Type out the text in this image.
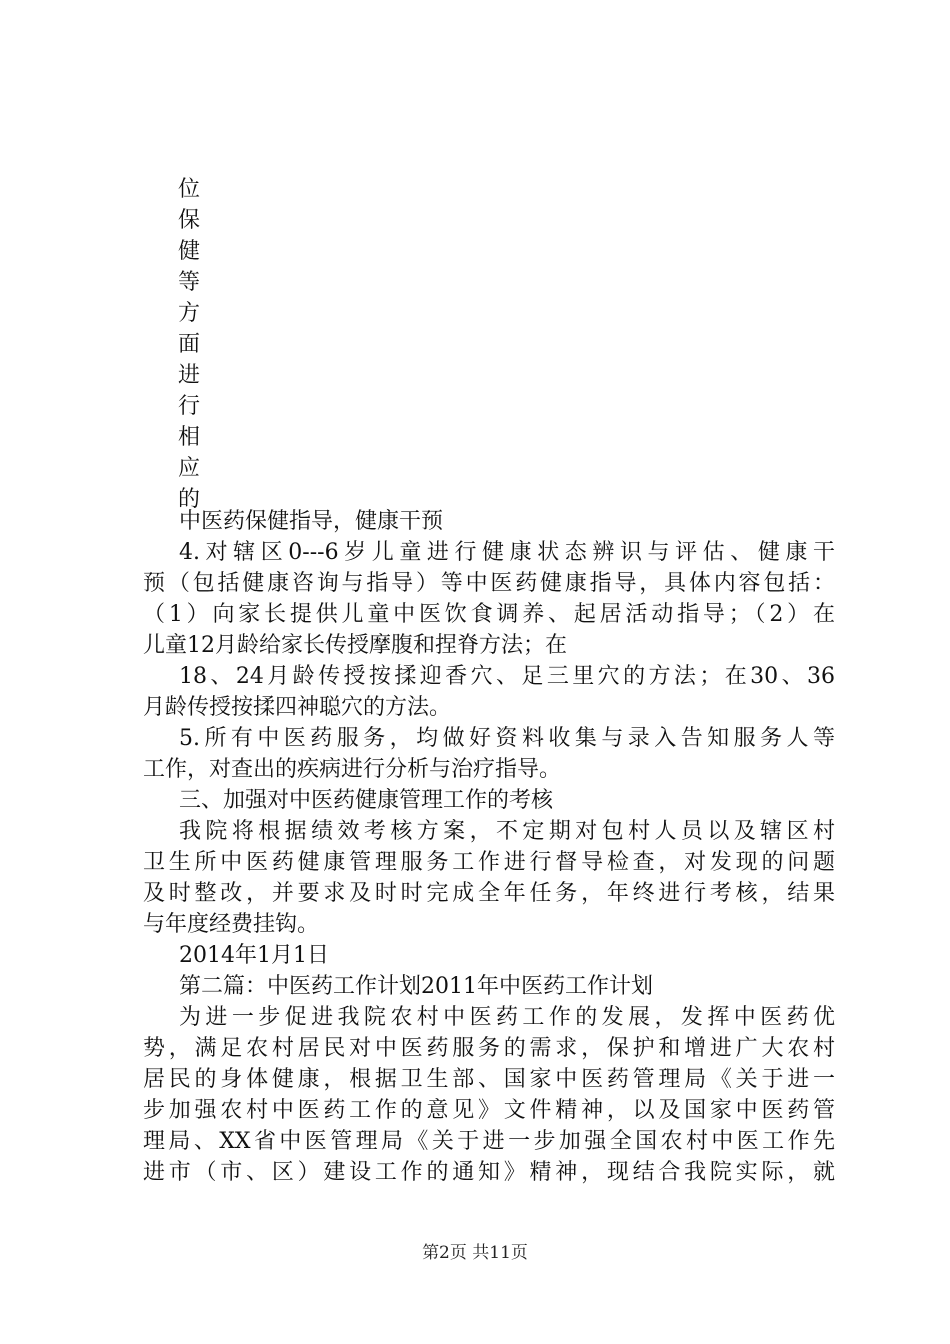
位
保
健
等
方
面
进
行
相
应
的
中医药保健指导，健康干预
4.对辖区0---6岁儿童进行健康状态辨识与评估、健康干
预（包括健康咨询与指导）等中医药健康指导，具体内容包括：
（1）向家长提供儿童中医饮食调养、起居活动指导；（2）在
儿童12月龄给家长传授摩腹和捏脊方法；在
18、24月龄传授按揉迎香穴、足三里穴的方法；在30、36
月龄传授按揉四神聪穴的方法。
5.所有中医药服务，均做好资料收集与录入告知服务人等
工作，对查出的疾病进行分析与治疗指导。
三、加强对中医药健康管理工作的考核
我院将根据绩效考核方案，不定期对包村人员以及辖区村
卫生所中医药健康管理服务工作进行督导检查，对发现的问题
及时整改，并要求及时时完成全年任务，年终进行考核，结果
与年度经费挂钩。
2014年1月1日
第二篇：中医药工作计划2011年中医药工作计划
为进一步促进我院农村中医药工作的发展，发挥中医药优
势，满足农村居民对中医药服务的需求，保护和增进广大农村
居民的身体健康，根据卫生部、国家中医药管理局《关于进一
步加强农村中医药工作的意见》文件精神，以及国家中医药管
理局、XX省中医管理局《关于进一步加强全国农村中医工作先
进市（市、区）建设工作的通知》精神，现结合我院实际，就
第2页 共11页
